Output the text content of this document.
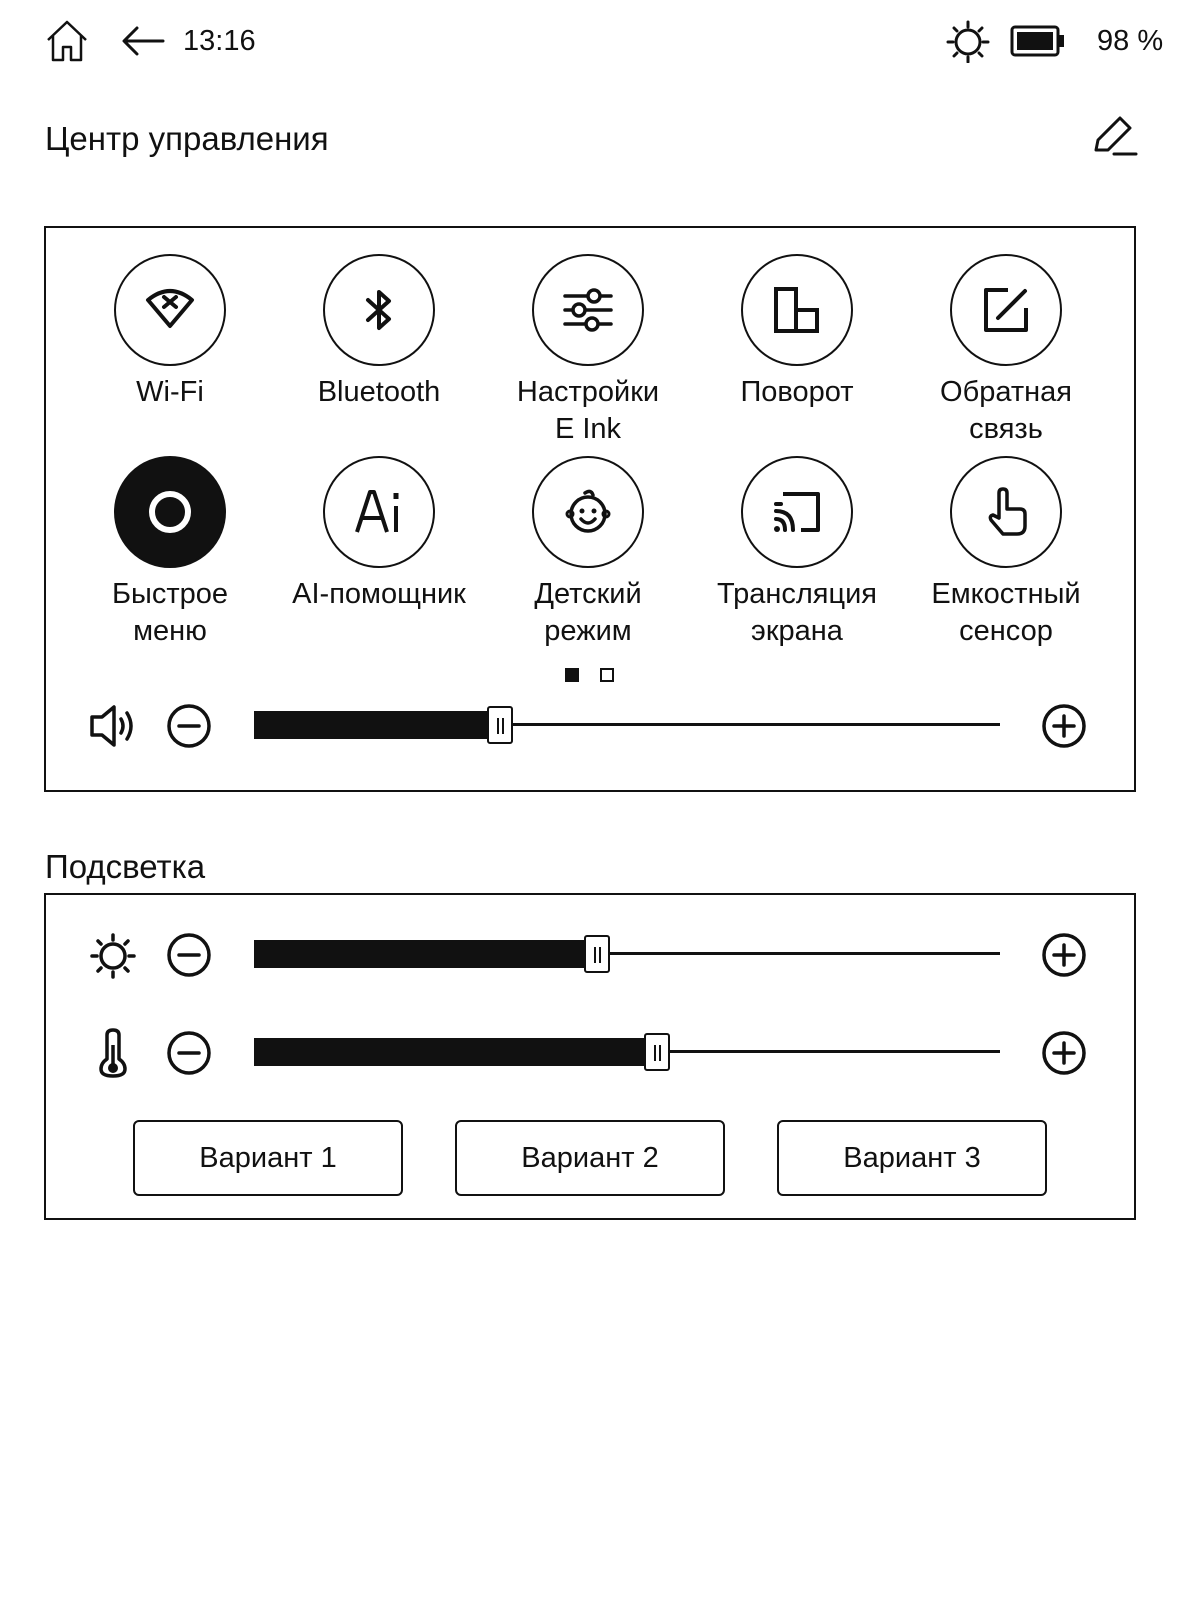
13:16	98 %
Центр управления
Wi-Fi	Bluetooth	Настройки
E Ink
Поворот	Обратная
связь
Быстрое
меню
AI-помощник	Детский
режим
Трансляция
экрана
Емкостный
сенсор
Подсветка
Вариант 1	Вариант 2	Вариант 3
